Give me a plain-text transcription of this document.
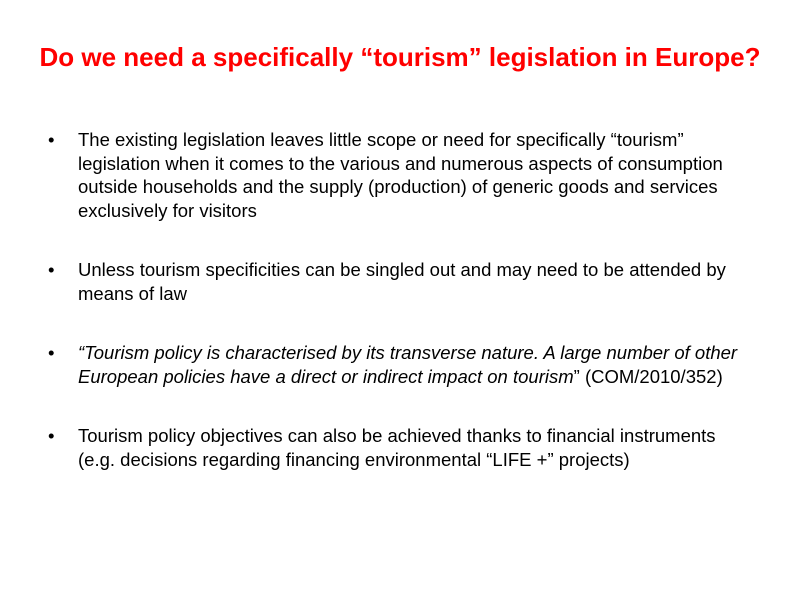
Do we need a specifically “tourism” legislation in Europe?
• The existing legislation leaves little scope or need for specifically “tourism” legislation when it comes to the various and numerous aspects of consumption outside households and the supply (production) of generic goods and services exclusively for visitors
• Unless tourism specificities can be singled out and may need to be attended by means of law
• “Tourism policy is characterised by its transverse nature. A large number of other European policies have a direct or indirect impact on tourism” (COM/2010/352)
• Tourism policy objectives can also be achieved thanks to financial instruments (e.g. decisions regarding financing environmental “LIFE +” projects)
